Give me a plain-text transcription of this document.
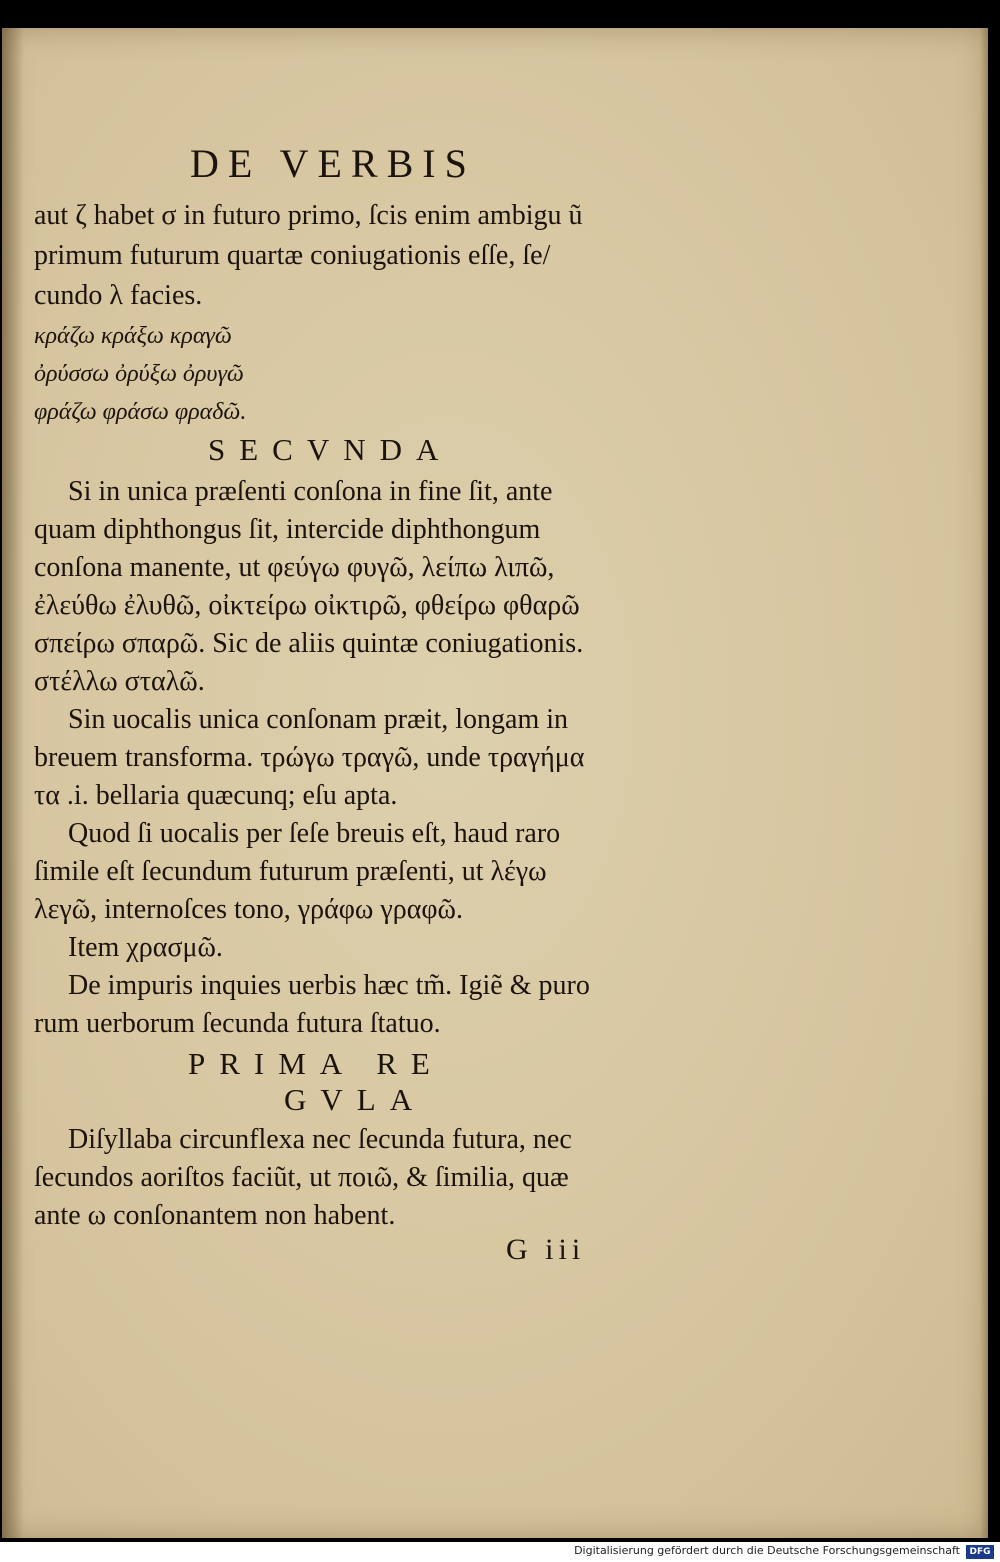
DE VERBIS
aut ζ habet σ in futuro primo, ſcis enim ambigu ũ
primum futurum quartæ coniugationis eſſe, ſe/
cundo λ facies.
κράζω κράξω κραγῶ
ὀρύσσω ὀρύξω ὀρυγῶ
φράζω φράσω φραδῶ.
SECVNDA
Si in unica præſenti conſona in fine ſit, ante
quam diphthongus ſit, intercide diphthongum
conſona manente, ut φεύγω φυγῶ, λείπω λιπῶ,
ἐλεύθω ἐλυθῶ, οἰκτείρω οἰκτιρῶ, φθείρω φθαρῶ
σπείρω σπαρῶ. Sic de aliis quintæ coniugationis.
στέλλω σταλῶ.
Sin uocalis unica conſonam præit, longam in
breuem transforma. τρώγω τραγῶ, unde τραγήμα
τα .i. bellaria quæcunq; eſu apta.
Quod ſi uocalis per ſeſe breuis eſt, haud raro
ſimile eſt ſecundum futurum præſenti, ut λέγω
λεγῶ, internoſces tono, γράφω γραφῶ.
Item χρασμῶ.
De impuris inquies uerbis hæc tm̃. Igiẽ & puro
rum uerborum ſecunda futura ſtatuo.
PRIMA RE
GVLA
Diſyllaba circunflexa nec ſecunda futura, nec
ſecundos aoriſtos faciũt, ut ποιῶ, & ſimilia, quæ
ante ω conſonantem non habent.
G iii
Digitalisierung gefördert durch die Deutsche Forschungsgemeinschaft	DFG
